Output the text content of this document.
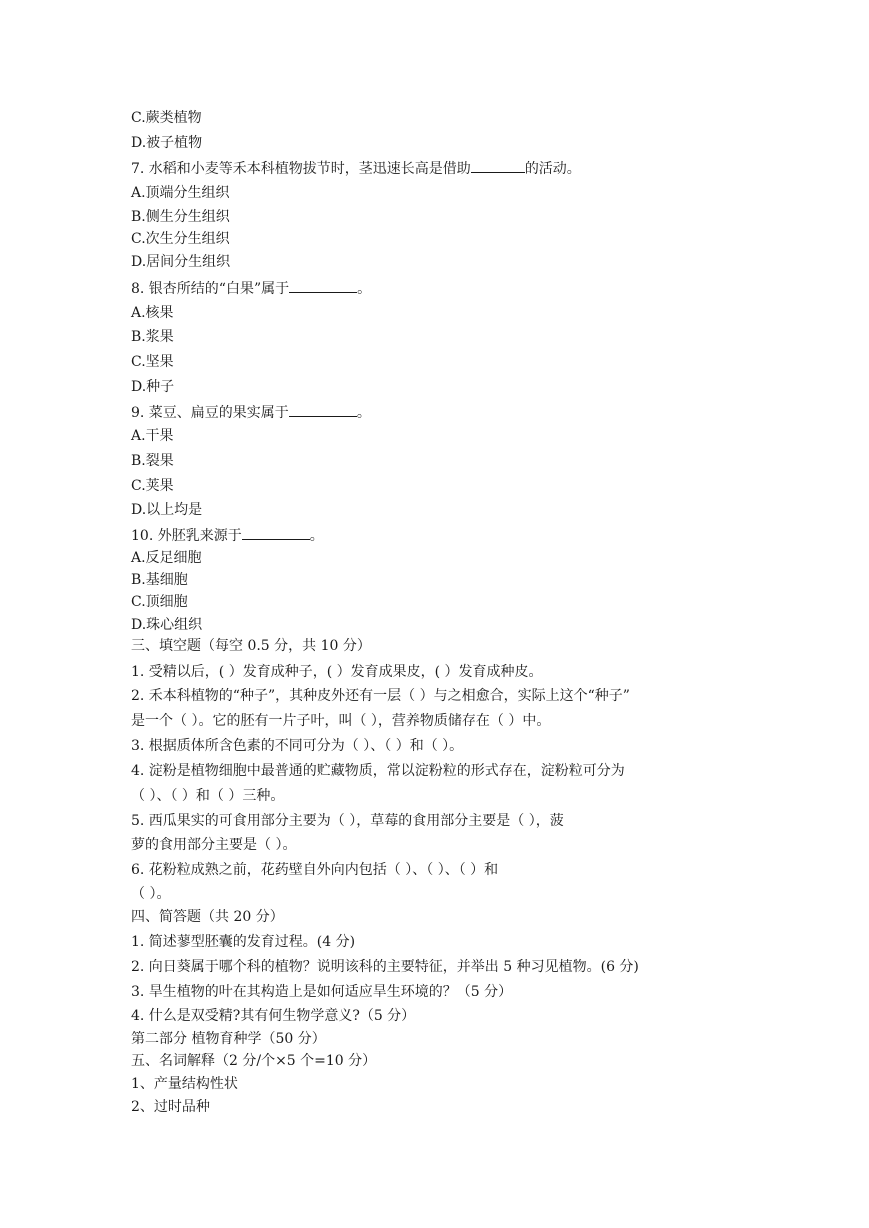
C.蕨类植物
D.被子植物
7. 水稻和小麦等禾本科植物拔节时，茎迅速长高是借助	的活动。
A.顶端分生组织
B.侧生分生组织
C.次生分生组织
D.居间分生组织
8. 银杏所结的“白果”属于	。
A.核果
B.浆果
C.坚果
D.种子
9. 菜豆、扁豆的果实属于	。
A.干果
B.裂果
C.荚果
D.以上均是
10. 外胚乳来源于	。
A.反足细胞
B.基细胞
C.顶细胞
D.珠心组织
三、填空题（每空 0.5 分，共 10 分）
1. 受精以后，( ）发育成种子，( ）发育成果皮，( ）发育成种皮。
2. 禾本科植物的“种子”，其种皮外还有一层（ ）与之相愈合，实际上这个“种子”
是一个（ ）。它的胚有一片子叶，叫（ ），营养物质储存在（ ）中。
3. 根据质体所含色素的不同可分为（ ）、（ ）和（ ）。
4. 淀粉是植物细胞中最普通的贮藏物质，常以淀粉粒的形式存在，淀粉粒可分为
（ ）、（ ）和（ ）三种。
5. 西瓜果实的可食用部分主要为（ ），草莓的食用部分主要是（ ），菠
萝的食用部分主要是（ ）。
6. 花粉粒成熟之前，花药壁自外向内包括（ ）、（ ）、（ ）和
（ ）。
四、简答题（共 20 分）
1. 简述蓼型胚囊的发育过程。(4 分)
2. 向日葵属于哪个科的植物？说明该科的主要特征，并举出 5 种习见植物。(6 分)
3. 旱生植物的叶在其构造上是如何适应旱生环境的？（5 分）
4. 什么是双受精?其有何生物学意义?（5 分）
第二部分 植物育种学（50 分）
五、名词解释（2 分/个×5 个=10 分）
1、产量结构性状
2、过时品种
